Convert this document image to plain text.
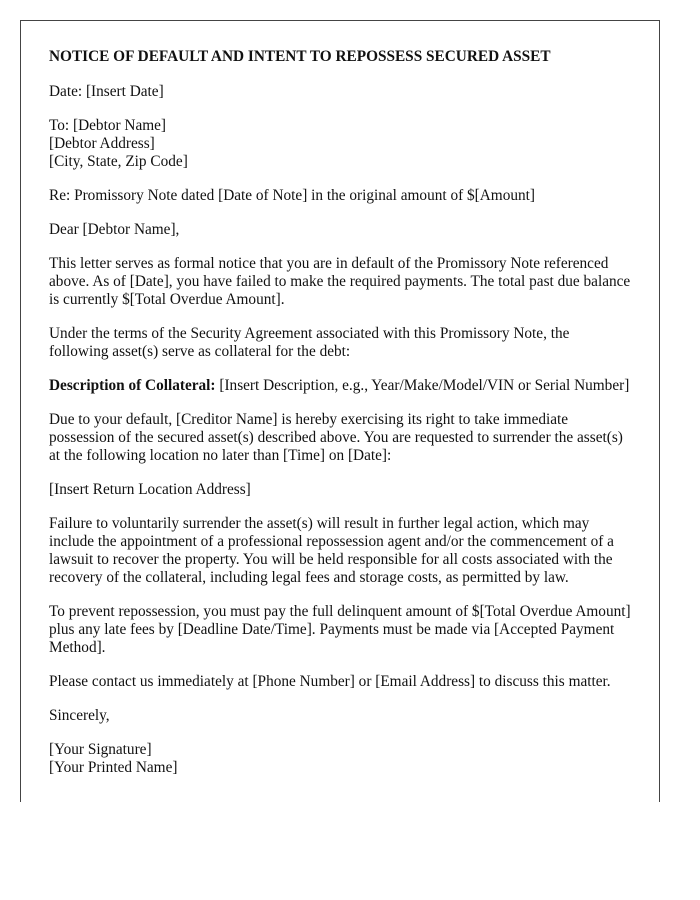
NOTICE OF DEFAULT AND INTENT TO REPOSSESS SECURED ASSET

Date: [Insert Date]

To: [Debtor Name]
[Debtor Address]
[City, State, Zip Code]

Re: Promissory Note dated [Date of Note] in the original amount of $[Amount]

Dear [Debtor Name],

This letter serves as formal notice that you are in default of the Promissory Note referenced above. As of [Date], you have failed to make the required payments. The total past due balance is currently $[Total Overdue Amount].

Under the terms of the Security Agreement associated with this Promissory Note, the following asset(s) serve as collateral for the debt:

Description of Collateral: [Insert Description, e.g., Year/Make/Model/VIN or Serial Number]

Due to your default, [Creditor Name] is hereby exercising its right to take immediate possession of the secured asset(s) described above. You are requested to surrender the asset(s) at the following location no later than [Time] on [Date]:

[Insert Return Location Address]

Failure to voluntarily surrender the asset(s) will result in further legal action, which may include the appointment of a professional repossession agent and/or the commencement of a lawsuit to recover the property. You will be held responsible for all costs associated with the recovery of the collateral, including legal fees and storage costs, as permitted by law.

To prevent repossession, you must pay the full delinquent amount of $[Total Overdue Amount] plus any late fees by [Deadline Date/Time]. Payments must be made via [Accepted Payment Method].

Please contact us immediately at [Phone Number] or [Email Address] to discuss this matter.

Sincerely,

[Your Signature]
[Your Printed Name]
